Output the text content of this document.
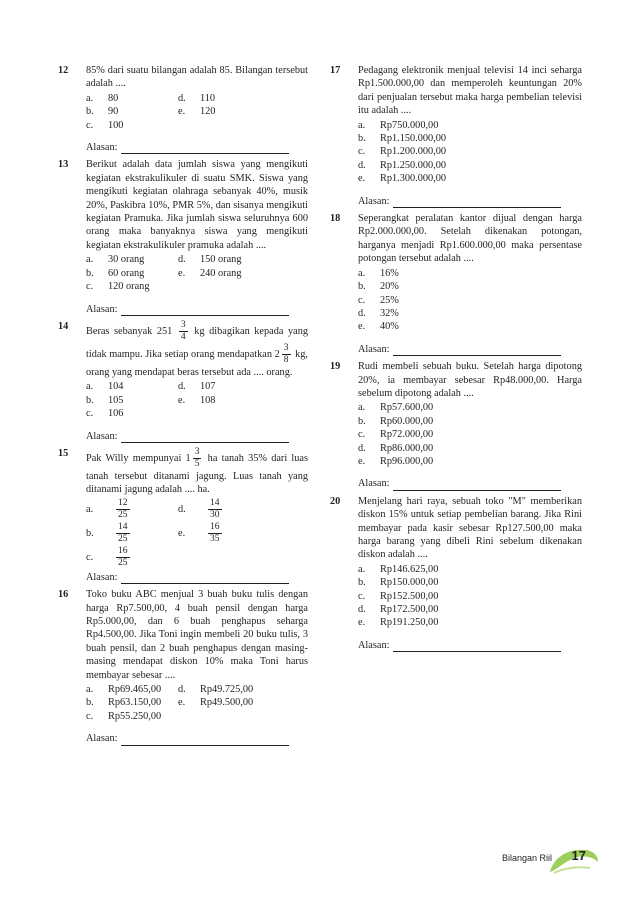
12 85% dari suatu bilangan adalah 85. Bilangan tersebut adalah ....
a.	80	d.	110
b.	90	e.	120
c.	100
Alasan:
13 Berikut adalah data jumlah siswa yang mengikuti kegiatan ekstrakulikuler di suatu SMK. Siswa yang mengikuti kegiatan olahraga sebanyak 40%, musik 20%, Paskibra 10%, PMR 5%, dan sisanya mengikuti kegiatan Pramuka. Jika jumlah siswa seluruhnya 600 orang maka banyaknya siswa yang mengikuti kegiatan ekstrakulikuler pramuka adalah ....
a.	30 orang	d.	150 orang
b.	60 orang	e.	240 orang
c.	120 orang
Alasan:
14 Beras sebanyak $251 \frac{3}{4}$ kg dibagikan kepada yang tidak mampu. Jika setiap orang mendapatkan $2 \frac{3}{8}$ kg, orang yang mendapat beras tersebut ada .... orang.
a.	104	d.	107
b.	105	e.	108
c.	106
Alasan:
15 Pak Willy mempunyai $1 \frac{3}{5}$ ha tanah 35% dari luas tanah tersebut ditanami jagung. Luas tanah yang ditanami jagung adalah .... ha.
a.	$\frac{12}{25}$	d.	$\frac{14}{30}$
b.	$\frac{14}{25}$	e.	$\frac{16}{35}$
c.	$\frac{16}{25}$
Alasan:
16 Toko buku ABC menjual 3 buah buku tulis dengan harga Rp7.500,00, 4 buah pensil dengan harga Rp5.000,00, dan 6 buah penghapus seharga Rp4.500,00. Jika Toni ingin membeli 20 buku tulis, 3 buah pensil, dan 2 buah penghapus dengan masing-masing mendapat diskon 10% maka Toni harus membayar sebesar ....
a.	Rp69.465,00 d.	Rp49.725,00
b.	Rp63.150,00 e.	Rp49.500,00
c.	Rp55.250,00
Alasan:
17 Pedagang elektronik menjual televisi 14 inci seharga Rp1.500.000,00 dan memperoleh keuntungan 20% dari penjualan tersebut maka harga pembelian televisi itu adalah ....
a.	Rp750.000,00
b.	Rp1.150.000,00
c.	Rp1.200.000,00
d.	Rp1.250.000,00
e.	Rp1.300.000,00
Alasan:
18 Seperangkat peralatan kantor dijual dengan harga Rp2.000.000,00. Setelah dikenakan potongan, harganya menjadi Rp1.600.000,00 maka persentase potongan tersebut adalah ....
a.	16%
b.	20%
c.	25%
d.	32%
e.	40%
Alasan:
19 Rudi membeli sebuah buku. Setelah harga dipotong 20%, ia membayar sebesar Rp48.000,00. Harga sebelum dipotong adalah ....
a.	Rp57.600,00
b.	Rp60.000,00
c.	Rp72.000,00
d.	Rp86.000,00
e.	Rp96.000,00
Alasan:
20 Menjelang hari raya, sebuah toko "M" memberikan diskon 15% untuk setiap pembelian barang. Jika Rini membayar pada kasir sebesar Rp127.500,00 maka harga barang yang dibeli Rini sebelum dikenakan diskon adalah ....
a.	Rp146.625,00
b.	Rp150.000,00
c.	Rp152.500,00
d.	Rp172.500,00
e.	Rp191.250,00
Alasan:
Bilangan Riil 17
